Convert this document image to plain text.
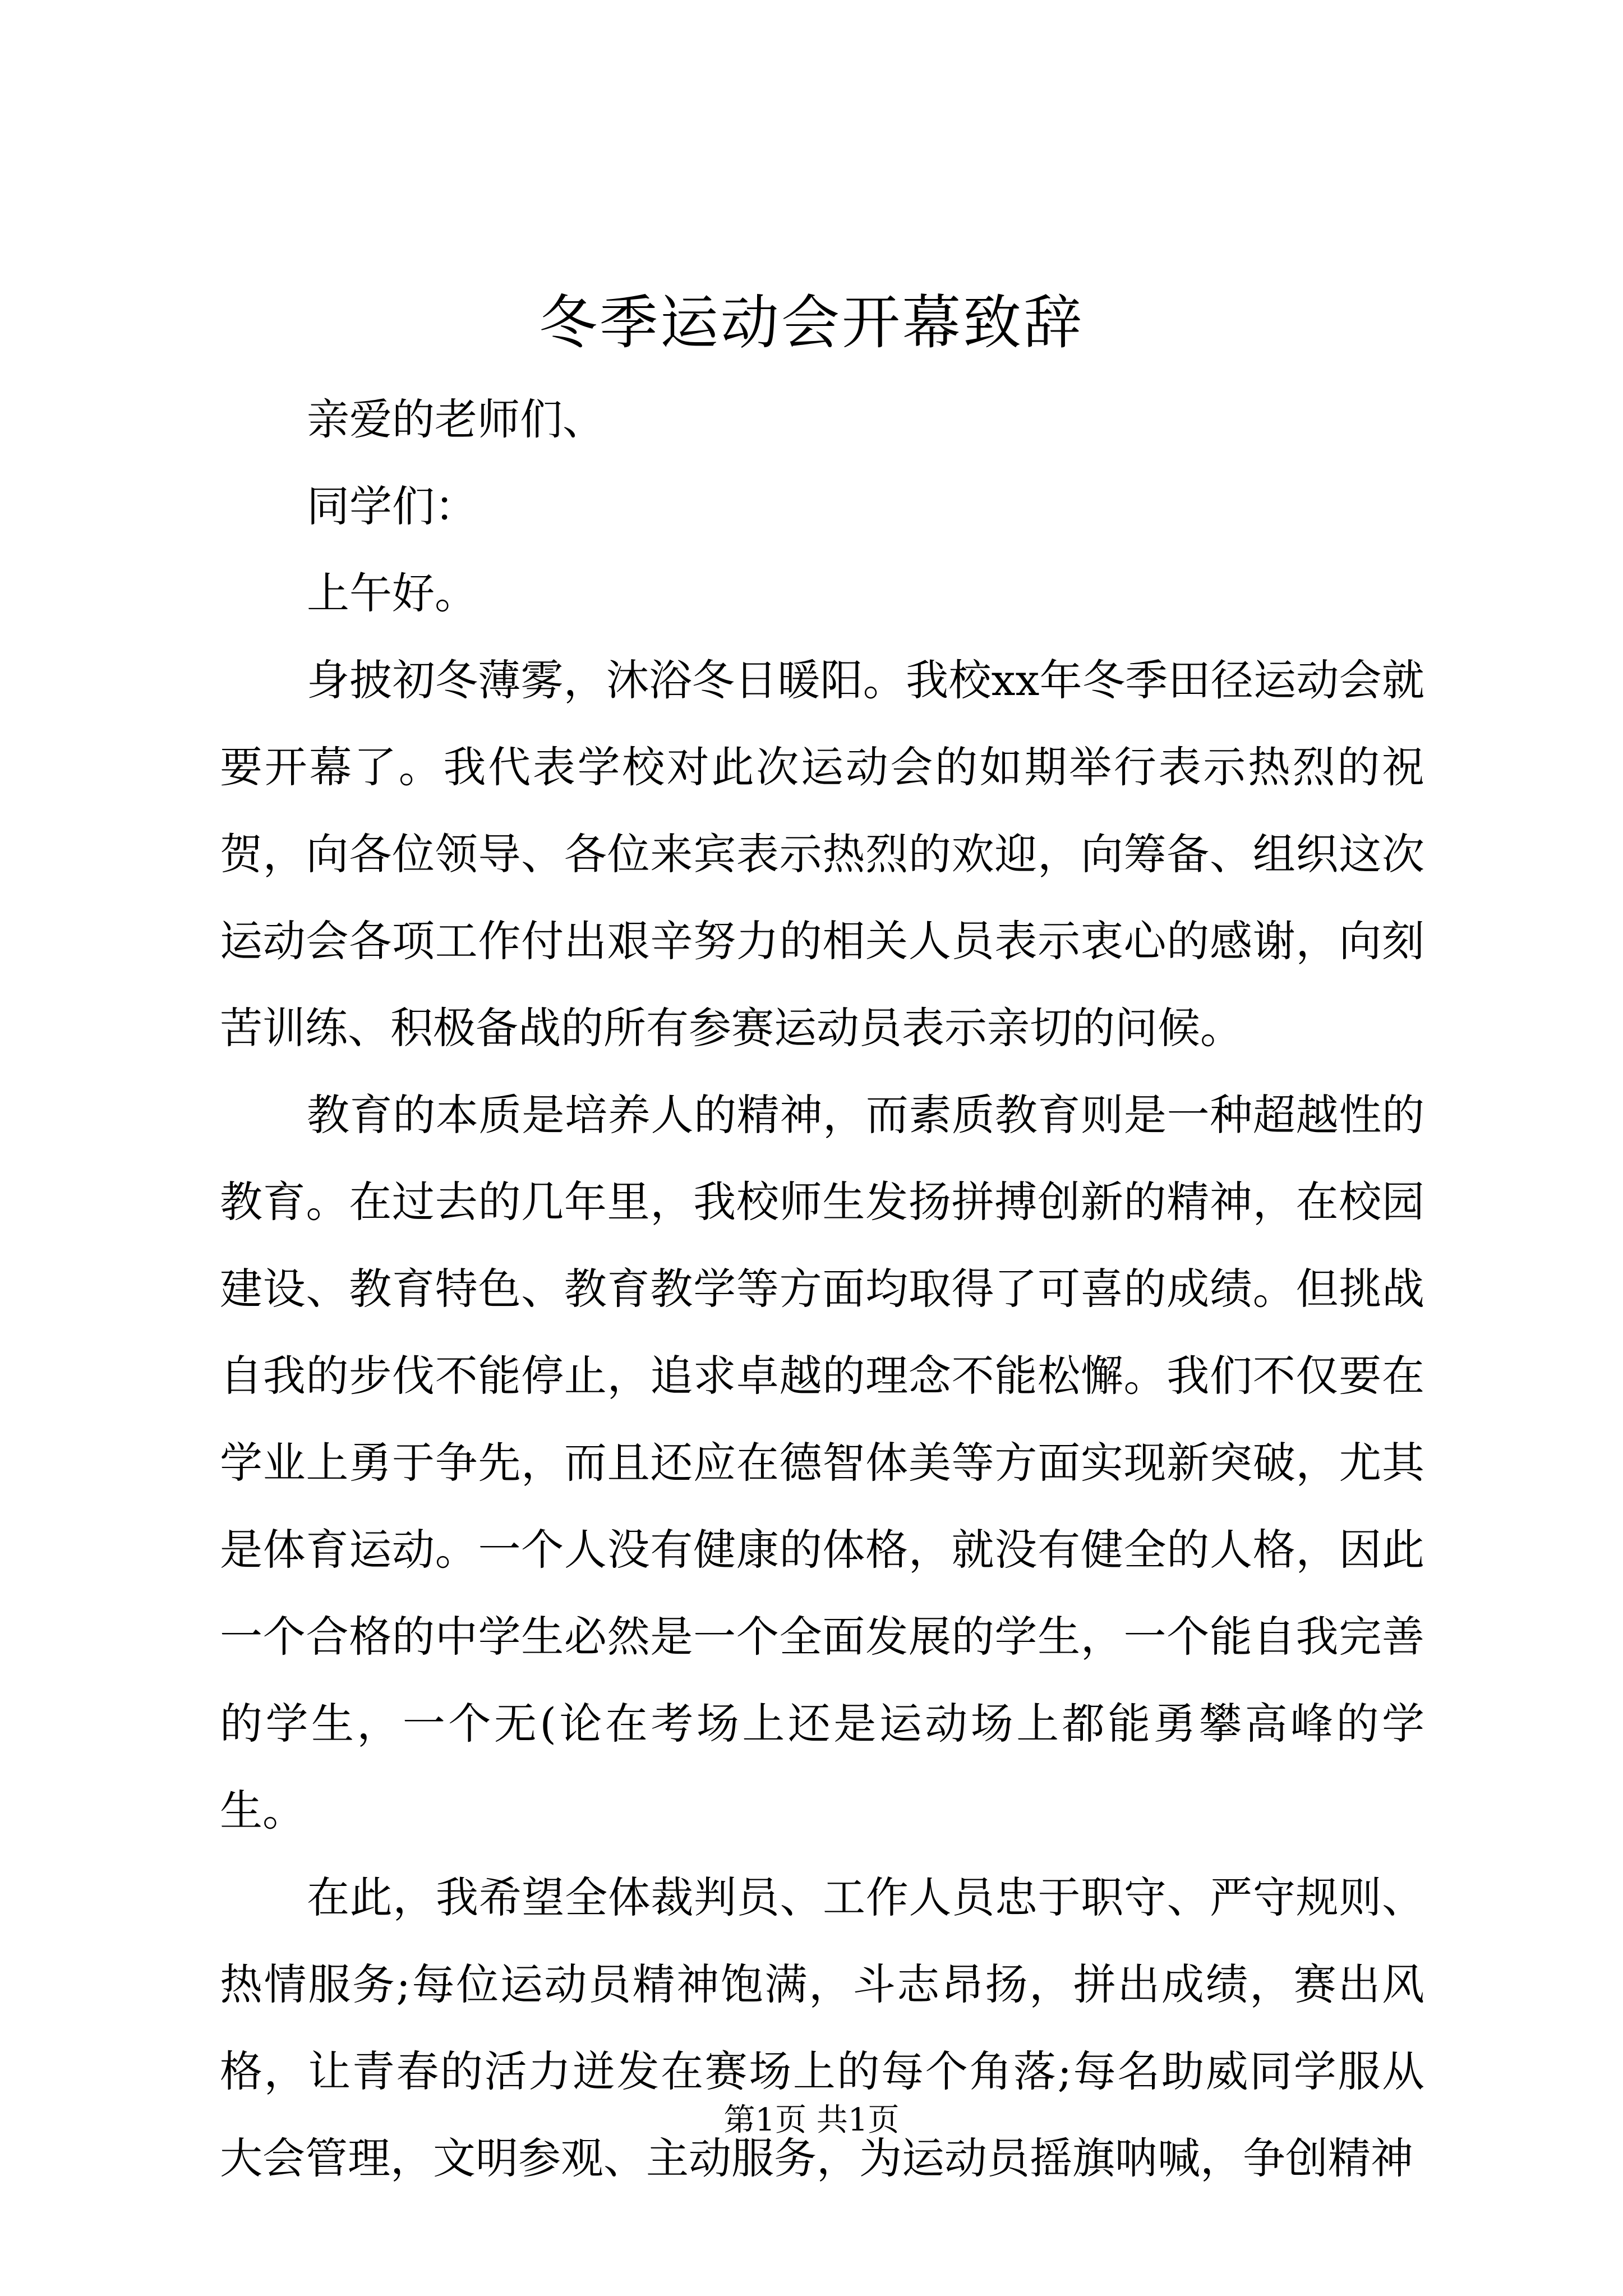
冬季运动会开幕致辞

亲爱的老师们、

同学们：

上午好。

身披初冬薄雾，沐浴冬日暖阳。我校xx年冬季田径运动会就要开幕了。我代表学校对此次运动会的如期举行表示热烈的祝贺，向各位领导、各位来宾表示热烈的欢迎，向筹备、组织这次运动会各项工作付出艰辛努力的相关人员表示衷心的感谢，向刻苦训练、积极备战的所有参赛运动员表示亲切的问候。

教育的本质是培养人的精神，而素质教育则是一种超越性的教育。在过去的几年里，我校师生发扬拼搏创新的精神，在校园建设、教育特色、教育教学等方面均取得了可喜的成绩。但挑战自我的步伐不能停止，追求卓越的理念不能松懈。我们不仅要在学业上勇于争先，而且还应在德智体美等方面实现新突破，尤其是体育运动。一个人没有健康的体格，就没有健全的人格，因此一个合格的中学生必然是一个全面发展的学生，一个能自我完善的学生，一个无(论在考场上还是运动场上都能勇攀高峰的学生。

在此，我希望全体裁判员、工作人员忠于职守、严守规则、热情服务;每位运动员精神饱满，斗志昂扬，拼出成绩，赛出风格，让青春的活力迸发在赛场上的每个角落;每名助威同学服从大会管理，文明参观、主动服务，为运动员摇旗呐喊，争创精神

第1页 共1页
